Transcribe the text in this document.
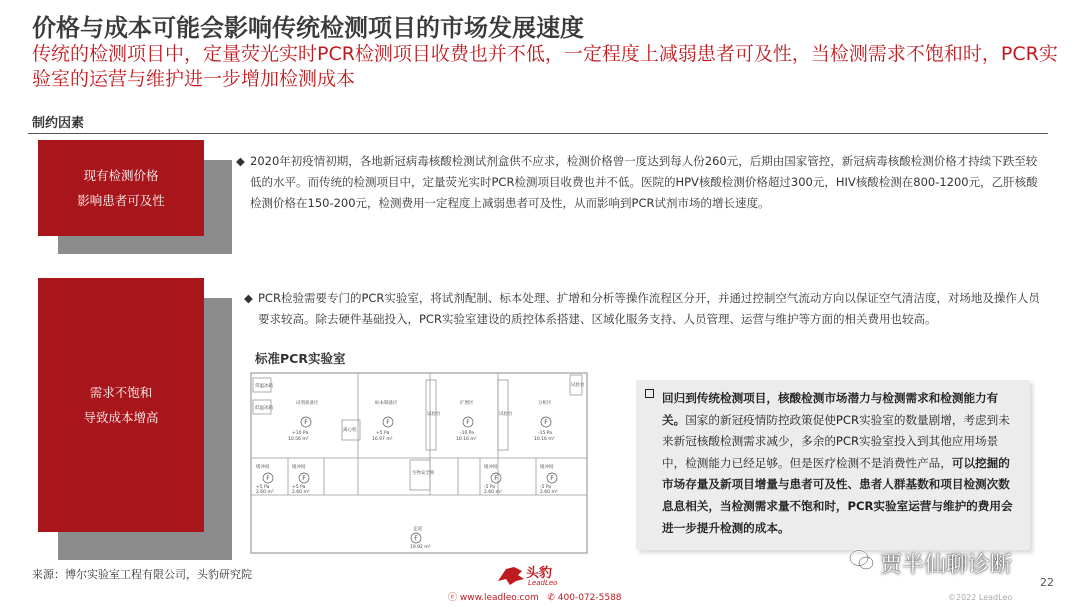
价格与成本可能会影响传统检测项目的市场发展速度
传统的检测项目中，定量荧光实时PCR检测项目收费也并不低，一定程度上减弱患者可及性，当检测需求不饱和时，PCR实验室的运营与维护进一步增加检测成本
制约因素
现有检测价格
影响患者可及性
◆ 2020年初疫情初期，各地新冠病毒核酸检测试剂盒供不应求，检测价格曾一度达到每人份260元，后期由国家管控，新冠病毒核酸检测价格才持续下跌至较低的水平。而传统的检测项目中，定量荧光实时PCR检测项目收费也并不低。医院的HPV核酸检测价格超过300元，HIV核酸检测在800-1200元，乙肝核酸检测价格在150-200元，检测费用一定程度上减弱患者可及性，从而影响到PCR试剂市场的增长速度。
需求不饱和
导致成本增高
◆ PCR检验需要专门的PCR实验室，将试剂配制、标本处理、扩增和分析等操作流程区分开，并通过控制空气流动方向以保证空气清洁度，对场地及操作人员要求较高。除去硬件基础投入，PCR实验室建设的质控体系搭建、区域化服务支持、人员管理、运营与维护等方面的相关费用也较高。
标准PCR实验室
常温冰箱
低温冰箱
试剂准备区	标本制备区	扩增区	分析区
走道
+10 Pa
10.56 m²
+5 Pa
16.97 m²
-10 Pa
10.16 m²
-15 Pa
10.16 m²
缓冲间	缓冲间	缓冲间	缓冲间
离心机
生物安全柜
试验台	试验台
试验台
+5 Pa
2.60 m²
+5 Pa
2.60 m²
-5 Pa
2.60 m²
-5 Pa
2.60 m²
19.92 m²
F	F
F	F	F	F
F	F
F
回归到传统检测项目，核酸检测市场潜力与检测需求和检测能力有关。国家的新冠疫情防控政策促使PCR实验室的数量剧增，考虑到未来新冠核酸检测需求减少，多余的PCR实验室投入到其他应用场景中，检测能力已经足够。但是医疗检测不是消费性产品，可以挖掘的市场存量及新项目增量与患者可及性、患者人群基数和项目检测次数息息相关，当检测需求量不饱和时，PCR实验室运营与维护的费用会进一步提升检测的成本。
来源：博尔实验室工程有限公司，头豹研究院	头豹
LeadLeo
ⓔ www.leadleo.com ✆ 400-072-5588
贾半仙聊诊断
22
©2022 LeadLeo
